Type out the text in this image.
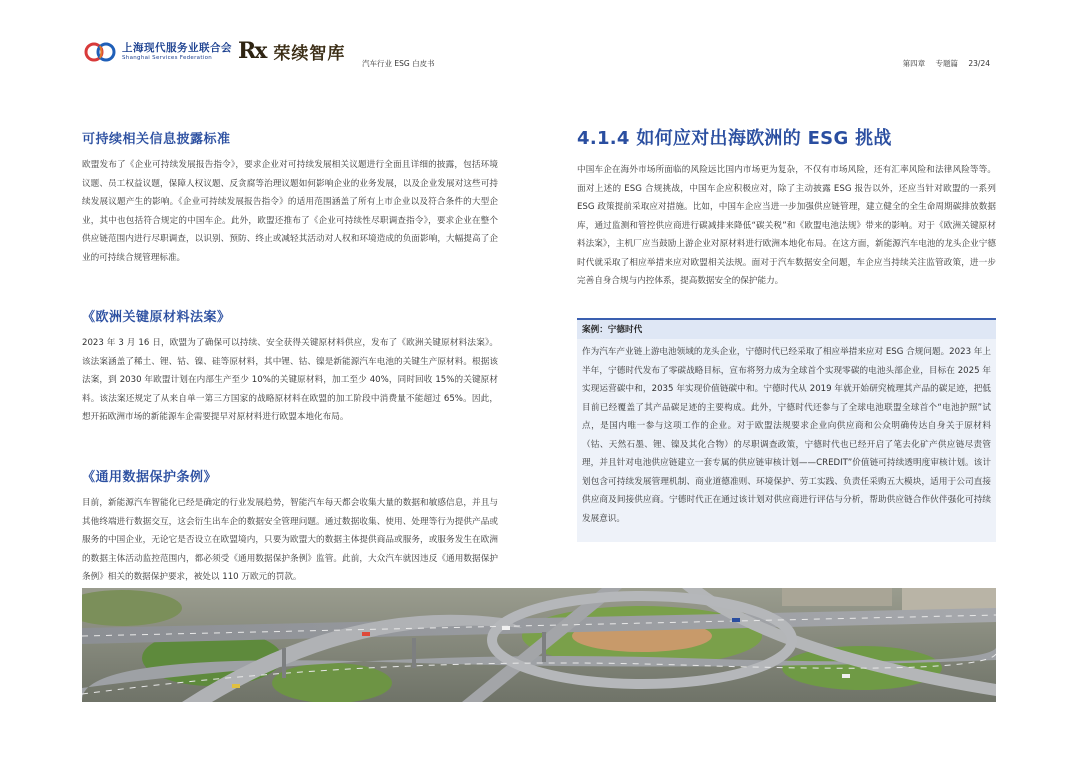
上海现代服务业联合会
Shanghai Services Federation	Rx 荣续智库 汽车行业 ESG 白皮书	第四章 专题篇 23/24
可持续相关信息披露标准

欧盟发布了《企业可持续发展报告指令》，要求企业对可持续发展相关议题进行全面且详细的披露，包括环境议题、员工权益议题，保障人权议题、反贪腐等治理议题如何影响企业的业务发展，以及企业发展对这些可持续发展议题产生的影响。《企业可持续发展报告指令》的适用范围涵盖了所有上市企业以及符合条件的大型企业，其中也包括符合规定的中国车企。此外，欧盟还推布了《企业可持续性尽职调查指令》，要求企业在整个供应链范围内进行尽职调查，以识别、预防、终止或减轻其活动对人权和环境造成的负面影响，大幅提高了企业的可持续合规管理标准。

《欧洲关键原材料法案》

2023 年 3 月 16 日，欧盟为了确保可以持续、安全获得关键原材料供应，发布了《欧洲关键原材料法案》。该法案涵盖了稀土、锂、钴、镍、硅等原材料，其中锂、钴、镍是新能源汽车电池的关键生产原材料。根据该法案，到 2030 年欧盟计划在内部生产至少 10%的关键原材料，加工至少 40%，同时回收 15%的关键原材料。该法案还规定了从来自单一第三方国家的战略原材料在欧盟的加工阶段中消费量不能超过 65%。因此，想开拓欧洲市场的新能源车企需要提早对原材料进行欧盟本地化布局。

《通用数据保护条例》

目前，新能源汽车智能化已经是确定的行业发展趋势，智能汽车每天都会收集大量的数据和敏感信息，并且与其他终端进行数据交互，这会衍生出车企的数据安全管理问题。通过数据收集、使用、处理等行为提供产品或服务的中国企业，无论它是否设立在欧盟境内，只要为欧盟大的数据主体提供商品或服务，或服务发生在欧洲的数据主体活动监控范围内，都必须受《通用数据保护条例》监管。此前，大众汽车就因违反《通用数据保护条例》相关的数据保护要求，被处以 110 万欧元的罚款。

4.1.4 如何应对出海欧洲的 ESG 挑战

中国车企在海外市场所面临的风险远比国内市场更为复杂，不仅有市场风险，还有汇率风险和法律风险等等。面对上述的 ESG 合规挑战，中国车企应积极应对，除了主动披露 ESG 报告以外，还应当针对欧盟的一系列 ESG 政策提前采取应对措施。比如，中国车企应当进一步加强供应链管理，建立健全的全生命周期碳排放数据库，通过监测和管控供应商进行碳减排来降低“碳关税”和《欧盟电池法规》带来的影响。对于《欧洲关键原材料法案》，主机厂应当鼓励上游企业对原材料进行欧洲本地化布局。在这方面，新能源汽车电池的龙头企业宁德时代就采取了相应举措来应对欧盟相关法规。面对于汽车数据安全问题，车企应当持续关注监管政策，进一步完善自身合规与内控体系，提高数据安全的保护能力。

案例：宁德时代

作为汽车产业链上游电池领域的龙头企业，宁德时代已经采取了相应举措来应对 ESG 合规问题。2023 年上半年，宁德时代发布了零碳战略目标，宣布将努力成为全球首个实现零碳的电池头部企业，目标在 2025 年实现运营碳中和，2035 年实现价值链碳中和。宁德时代从 2019 年就开始研究梳理其产品的碳足迹，把低目前已经覆盖了其产品碳足迹的主要构成。此外，宁德时代还参与了全球电池联盟全球首个“电池护照”试点，是国内唯一参与这项工作的企业。对于欧盟法规要求企业向供应商和公众明确传达自身关于原材料（钴、天然石墨、锂、镍及其化合物）的尽职调查政策，宁德时代也已经开启了笔去化矿产供应链尽责管理，并且针对电池供应链建立一套专属的供应链审核计划——CREDIT”价值链可持续透明度审核计划。该计划包含可持续发展管理机制、商业道德准则、环境保护、劳工实践、负责任采购五大模块，适用于公司直接供应商及间接供应商。宁德时代正在通过该计划对供应商进行评估与分析，帮助供应链合作伙伴强化可持续发展意识。
